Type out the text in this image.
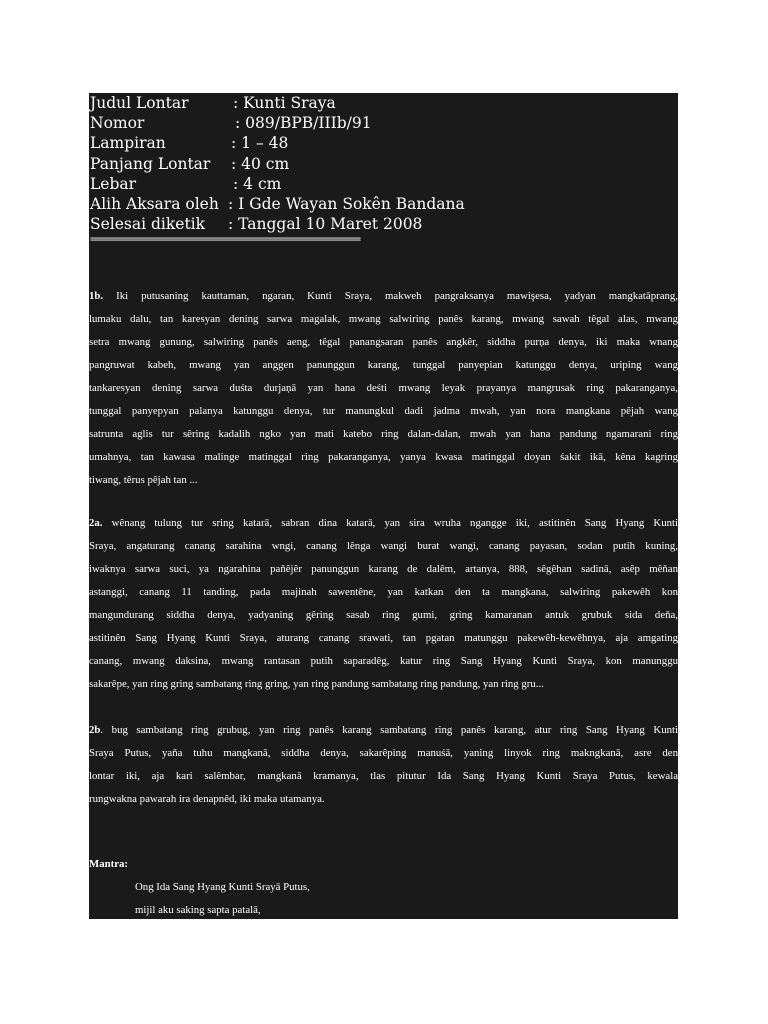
Judul Lontar	: Kunti Sraya
Nomor	: 089/BPB/IIIb/91
Lampiran	: 1 – 48
Panjang Lontar : 40 cm
Lebar	: 4 cm
Alih Aksara oleh : I Gde Wayan Sokên Bandana
Selesai diketik : Tanggal 10 Maret 2008
======================================================
1b. Iki putusaning kauttaman, ngaran, Kunti Sraya, makweh pangraksanya mawişesa, yadyan mangkatāprang,
lumaku dalu, tan karesyan dening sarwa magalak, mwang salwiring panês karang, mwang sawah têgal alas, mwang
setra mwang gunung, salwiring panês aeng, têgal panangsaran panês angkêr, siddha purņa denya, iki maka wnang
pangruwat kabeh, mwang yan anggen panunggun karang, tunggal panyepian katunggu denya, uriping wang
tankaresyan dening sarwa duśta durjaņā yan hana deśti mwang leyak prayanya mangrusak ring pakaranganya,
tunggal panyepyan palanya katunggu denya, tur manungkul dadi jadma mwah, yan nora mangkana pêjah wang
satrunta aglis tur sêring kadalih ngko yan mati katebo ring dalan-dalan, mwah yan hana pandung ngamarani ring
umahnya, tan kawasa malinge matinggal ring pakaranganya, yanya kwasa matinggal doyan śakit ikā, kêna kagring
tiwang, têrus pêjah tan ...
2a. wênang tulung tur sring katarā, sabran dina katarā, yan sira wruha ngangge iki, astitinên Sang Hyang Kunti
Sraya, angaturang canang sarahina wngi, canang lênga wangi burat wangi, canang payasan, sodan putih kuning,
iwaknya sarwa suci, ya ngarahina paňêjêr panunggun karang de dalêm, artanya, 888, sêgêhan sadinā, asêp mêňan
astanggi, canang 11 tanding, pada majinah sawentêne, yan katkan den ta mangkana, salwiring pakewêh kon
mangundurang siddha denya, yadyaning gêring sasab ring gumi, gring kamaranan antuk grubuk sida deňa,
astitinên Sang Hyang Kunti Sraya, aturang canang srawati, tan pgatan matunggu pakewêh-kewêhnya, aja amgating
canang, mwang daksina, mwang rantasan putih saparadêg, katur ring Sang Hyang Kunti Sraya, kon manunggu
sakarêpe, yan ring gring sambatang ring gring, yan ring pandung sambatang ring pandung, yan ring gru...
2b. bug sambatang ring grubug, yan ring panês karang sambatang ring panês karang, atur ring Sang Hyang Kunti
Sraya Putus, yaňa tuhu mangkanā, siddha denya, sakarêping manuśā, yaning linyok ring makngkanā, asre den
lontar iki, aja kari salêmbar, mangkanā kramanya, tlas pitutur Ida Sang Hyang Kunti Sraya Putus, kewala
rungwakna pawarah ira denapnêd, iki maka utamanya.
Mantra:
Ong Ida Sang Hyang Kunti Srayā Putus,
mijil aku saking sapta patalā,
